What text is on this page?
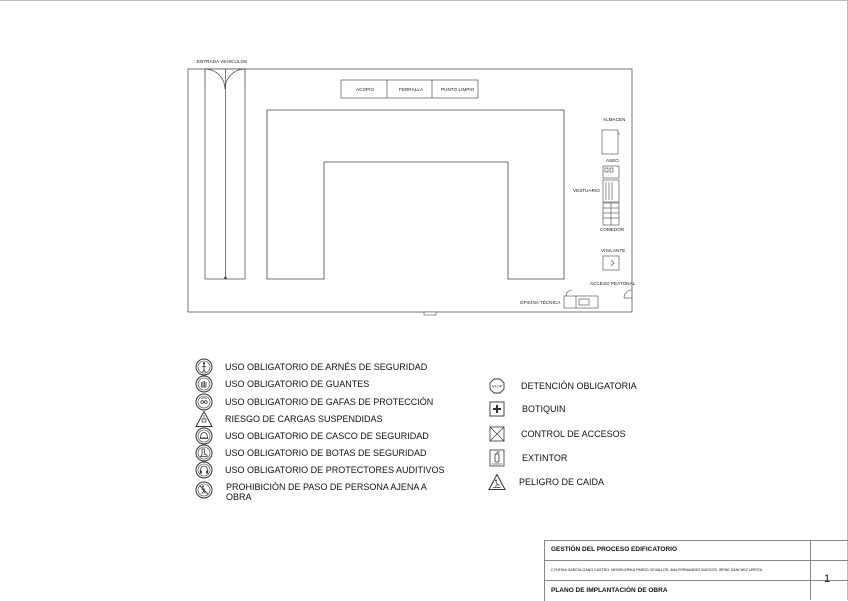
ENTRADA VEHICULOS
ACOPIO	FERRALLA	PUNTO LIMPIO
ALMACEN
ASEO
VESTUARIO
COMEDOR
VIGILANTE
ACCESO PEATONAL
OFICINA TÉCNICA
USO OBLIGATORIO DE ARNÉS DE SEGURIDAD
USO OBLIGATORIO DE GUANTES
USO OBLIGATORIO DE GAFAS DE PROTECCIÓN
RIESGO DE CARGAS SUSPENDIDAS
USO OBLIGATORIO DE CASCO DE SEGURIDAD
USO OBLIGATORIO DE BOTAS DE SEGURIDAD
USO OBLIGATORIO DE PROTECTORES AUDITIVOS
PROHIBICIÓN DE PASO DE PERSONA AJENA A
OBRA
STOP DETENCIÓN OBLIGATORIA
BOTIQUIN
CONTROL DE ACCESOS
EXTINTOR
PELIGRO DE CAIDA
GESTIÓN DEL PROCESO EDIFICATORIO
CYNTHIA GARCÍA-GANO CASTRO, MISHELERIKA PARDO CEVALLOS, ANA FERNANDEZ BURGOS, IRENE SÁNCHEZ URRITA
PLANO DE IMPLANTACIÓN DE OBRA
1
